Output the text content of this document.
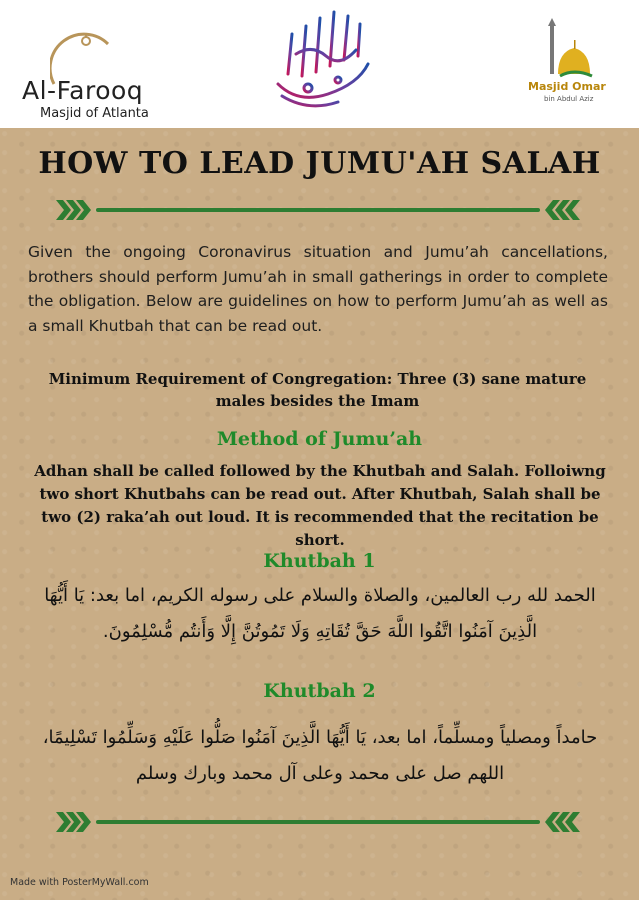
Al-Farooq
Masjid of Atlanta
Masjid Omar
bin Abdul Aziz
HOW TO LEAD JUMU'AH SALAH
Given the ongoing Coronavirus situation and Jumu’ah cancellations, brothers should perform Jumu’ah in small gatherings in order to complete the obligation. Below are guidelines on how to perform Jumu’ah as well as a small Khutbah that can be read out.
Minimum Requirement of Congregation: Three (3) sane mature
males besides the Imam
Method of Jumu’ah
Adhan shall be called followed by the Khutbah and Salah. Folloiwng two short Khutbahs can be read out. After Khutbah, Salah shall be two (2) raka’ah out loud. It is recommended that the recitation be short.
Khutbah 1
الحمد لله رب العالمين، والصلاة والسلام على رسوله الكريم، اما بعد: يَا أَيُّهَا الَّذِينَ آمَنُوا اتَّقُوا اللَّهَ حَقَّ تُقَاتِهِ وَلَا تَمُوتُنَّ إِلَّا وَأَنتُم مُّسْلِمُونَ.
Khutbah 2
حامداً ومصلياً ومسلِّماً، اما بعد، يَا أَيُّهَا الَّذِينَ آمَنُوا صَلُّوا عَلَيْهِ وَسَلِّمُوا تَسْلِيمًا، اللهم صل على محمد وعلى آل محمد وبارك وسلم
Made with PosterMyWall.com
